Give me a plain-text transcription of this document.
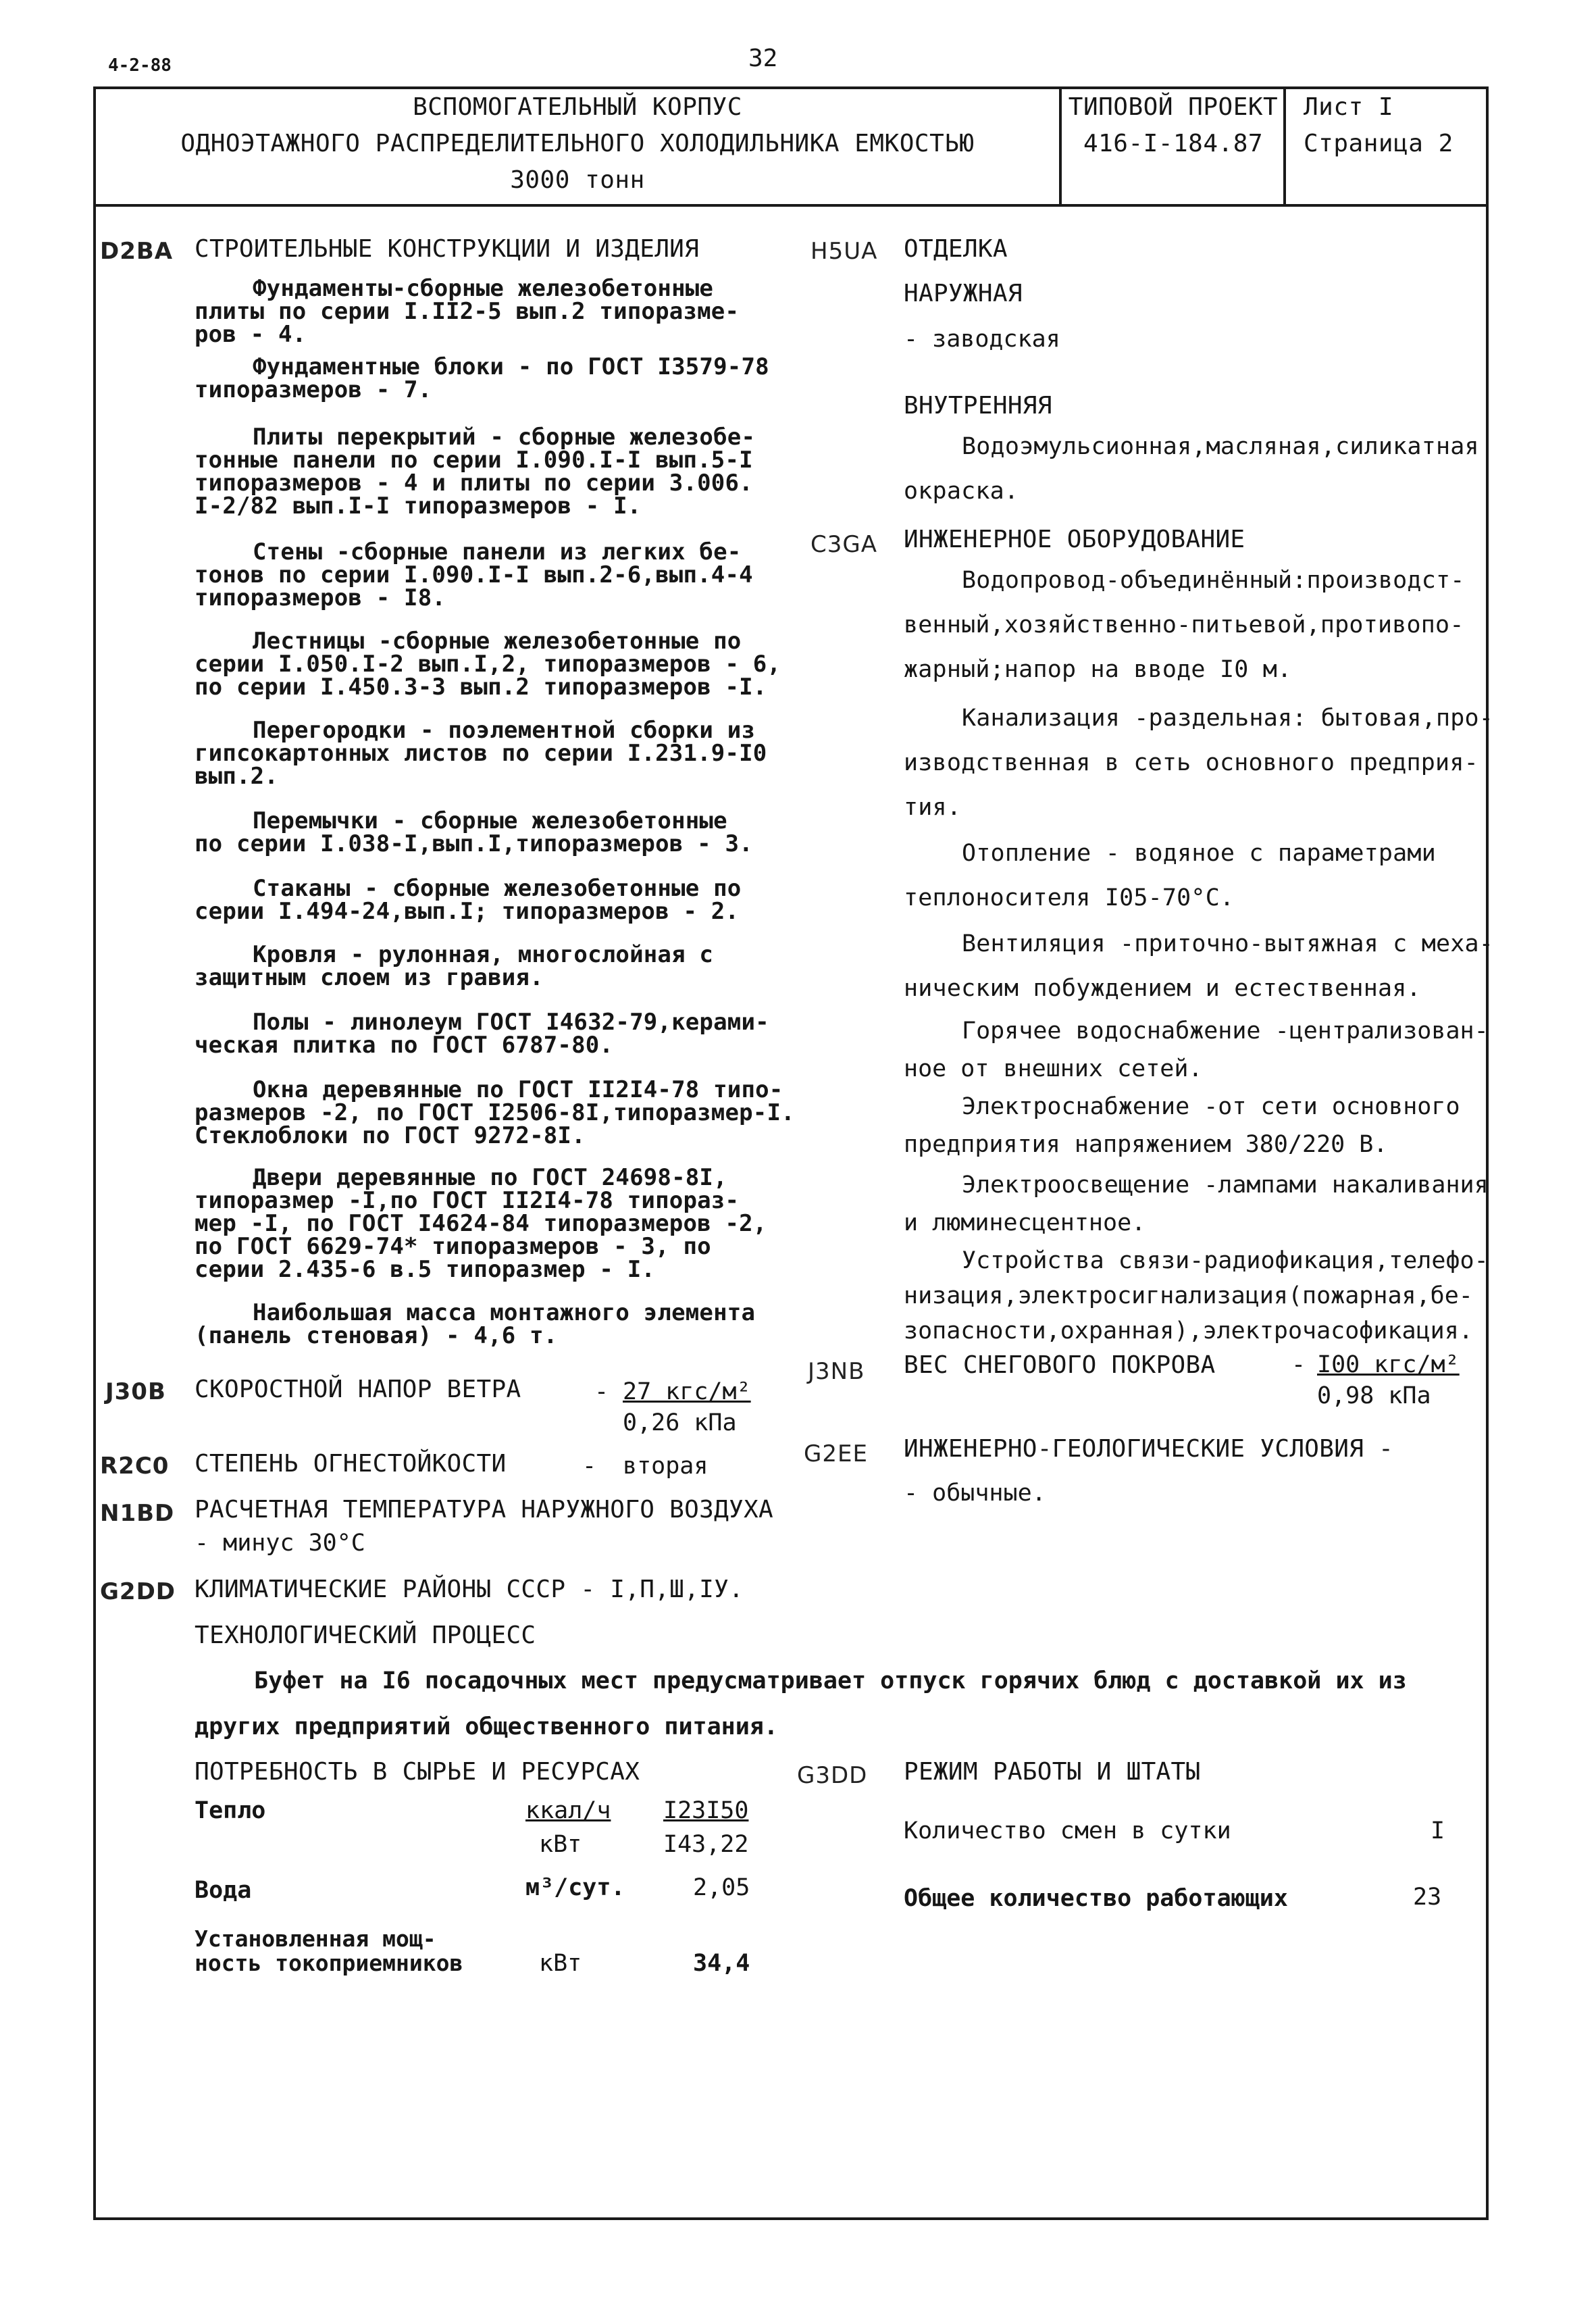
4-2-88	32
ВСПОМОГАТЕЛЬНЫЙ КОРПУС
ОДНОЭТАЖНОГО РАСПРЕДЕЛИТЕЛЬНОГО ХОЛОДИЛЬНИКА ЕМКОСТЬЮ
3000 тонн
ТИПОВОЙ ПРОЕКТ
416-I-184.87
Лист I
Страница 2
D2BA СТРОИТЕЛЬНЫЕ КОНСТРУКЦИИ И ИЗДЕЛИЯ
Фундаменты-сборные железобетонные
плиты по серии I.II2-5 вып.2 типоразме-
ров - 4.
Фундаментные блоки - по ГОСТ I3579-78
типоразмеров - 7.
Плиты перекрытий - сборные железобе-
тонные панели по серии I.090.I-I вып.5-I
типоразмеров - 4 и плиты по серии 3.006.
I-2/82 вып.I-I типоразмеров - I.
Стены -сборные панели из легких бе-
тонов по серии I.090.I-I вып.2-6,вып.4-4
типоразмеров - I8.
Лестницы -сборные железобетонные по
серии I.050.I-2 вып.I,2, типоразмеров - 6,
по серии I.450.3-3 вып.2 типоразмеров -I.
Перегородки - поэлементной сборки из
гипсокартонных листов по серии I.231.9-I0
вып.2.
Перемычки - сборные железобетонные
по серии I.038-I,вып.I,типоразмеров - 3.
Стаканы - сборные железобетонные по
серии I.494-24,вып.I; типоразмеров - 2.
Кровля - рулонная, многослойная с
защитным слоем из гравия.
Полы - линолеум ГОСТ I4632-79,керами-
ческая плитка по ГОСТ 6787-80.
Окна деревянные по ГОСТ II2I4-78 типо-
размеров -2, по ГОСТ I2506-8I,типоразмер-I.
Стеклоблоки по ГОСТ 9272-8I.
Двери деревянные по ГОСТ 24698-8I,
типоразмер -I,по ГОСТ II2I4-78 типораз-
мер -I, по ГОСТ I4624-84 типоразмеров -2,
по ГОСТ 6629-74* типоразмеров - 3, по
серии 2.435-6 в.5 типоразмер - I.
Наибольшая масса монтажного элемента
(панель стеновая) - 4,6 т.
J30B СКОРОСТНОЙ НАПОР ВЕТРА	- 27 кгс/м²
0,26 кПа
R2C0 СТЕПЕНЬ ОГНЕСТОЙКОСТИ	- вторая
N1BD РАСЧЕТНАЯ ТЕМПЕРАТУРА НАРУЖНОГО ВОЗДУХА
- минус 30°С
G2DD КЛИМАТИЧЕСКИЕ РАЙОНЫ СССР - I,П,Ш,IУ.
ТЕХНОЛОГИЧЕСКИЙ ПРОЦЕСС
Буфет на I6 посадочных мест предусматривает отпуск горячих блюд с доставкой их из
других предприятий общественного питания.
ПОТРЕБНОСТЬ В СЫРЬЕ И РЕСУРСАХ
Тепло	ккал/ч I23I50
кВт	I43,22
Вода	м³/сут.	2,05
Установленная мощ-
ность токоприемников	кВт	34,4
H5UA ОТДЕЛКА
НАРУЖНАЯ
- заводская
ВНУТРЕННЯЯ
Водоэмульсионная,масляная,силикатная
окраска.
C3GA ИНЖЕНЕРНОЕ ОБОРУДОВАНИЕ
Водопровод-объединённый:производст-
венный,хозяйственно-питьевой,противопо-
жарный;напор на вводе I0 м.
Канализация -раздельная: бытовая,про-
изводственная в сеть основного предприя-
тия.
Отопление - водяное с параметрами
теплоносителя I05-70°С.
Вентиляция -приточно-вытяжная с меха-
ническим побуждением и естественная.
Горячее водоснабжение -централизован-
ное от внешних сетей.
Электроснабжение -от сети основного
предприятия напряжением 380/220 В.
Электроосвещение -лампами накаливания
и люминесцентное.
Устройства связи-радиофикация,телефо-
низация,электросигнализация(пожарная,бе-
зопасности,охранная),электрочасофикация.
J3NB ВЕС СНЕГОВОГО ПОКРОВА	- I00 кгс/м²
0,98 кПа
G2EE ИНЖЕНЕРНО-ГЕОЛОГИЧЕСКИЕ УСЛОВИЯ -
- обычные.
G3DD РЕЖИМ РАБОТЫ И ШТАТЫ
Количество смен в сутки	I
Общее количество работающих	23
